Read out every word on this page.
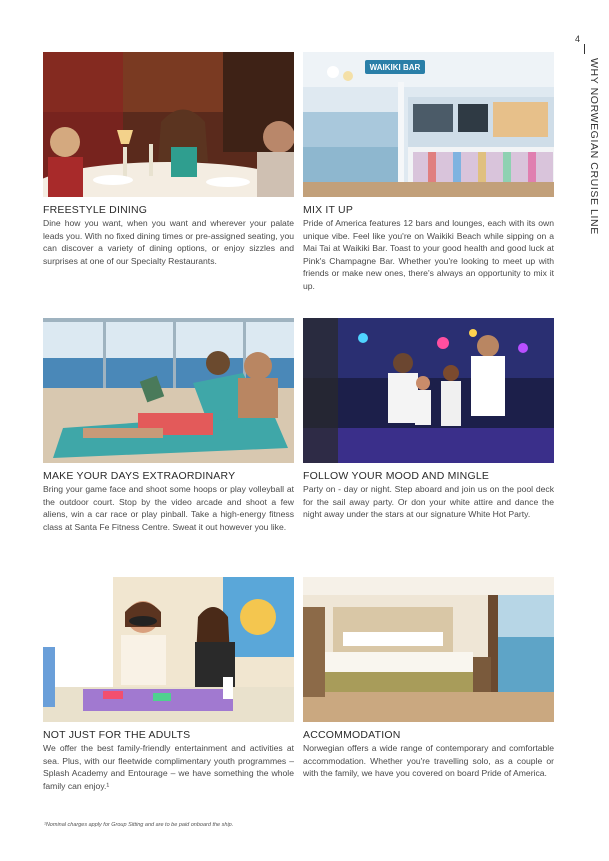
4
WHY NORWEGIAN CRUISE LINE
FREESTYLE DINING

Dine how you want, when you want and wherever your palate leads you. With no fixed dining times or pre-assigned seating, you can discover a variety of dining options, or enjoy sizzles and surprises at one of our Specialty Restaurants.

WAIKIKI BAR
MIX IT UP

Pride of America features 12 bars and lounges, each with its own unique vibe. Feel like you're on Waikiki Beach while sipping on a Mai Tai at Waikiki Bar. Toast to your good health and good luck at Pink's Champagne Bar. Whether you're looking to meet up with friends or make new ones, there's always an opportunity to mix it up.

MAKE YOUR DAYS EXTRAORDINARY

Bring your game face and shoot some hoops or play volleyball at the outdoor court. Stop by the video arcade and shoot a few aliens, win a car race or play pinball. Take a high-energy fitness class at Santa Fe Fitness Centre. Sweat it out however you like.

FOLLOW YOUR MOOD AND MINGLE

Party on - day or night. Step aboard and join us on the pool deck for the sail away party. Or don your white attire and dance the night away under the stars at our signature White Hot Party.

NOT JUST FOR THE ADULTS

We offer the best family-friendly entertainment and activities at sea. Plus, with our fleetwide complimentary youth programmes – Splash Academy and Entourage – we have something the whole family can enjoy.¹

ACCOMMODATION

Norwegian offers a wide range of contemporary and comfortable accommodation. Whether you're travelling solo, as a couple or with the family, we have you covered on board Pride of America.

¹Nominal charges apply for Group Sitting and are to be paid onboard the ship.
